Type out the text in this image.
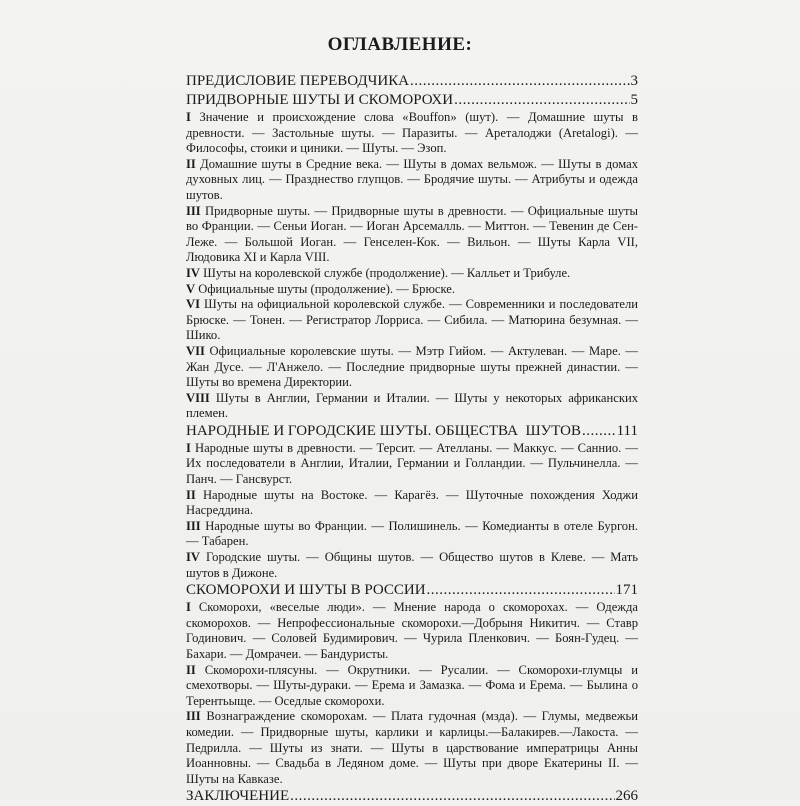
ОГЛАВЛЕНИЕ:
ПРЕДИСЛОВИЕ ПЕРЕВОДЧИКА .....	3
ПРИДВОРНЫЕ ШУТЫ И СКОМОРОХИ .....	5
I Значение и происхождение слова «Bouffon» (шут). — Домашние шуты в древности. — Застольные шуты. — Паразиты. — Ареталоджи (Aretalogi). — Философы, стоики и циники. — Шуты. — Эзоп.
II Домашние шуты в Средние века. — Шуты в домах вельмож. — Шуты в домах духовных лиц. — Празднество глупцов. — Бродячие шуты. — Атрибуты и одежда шутов.
III Придворные шуты. — Придворные шуты в древности. — Официальные шуты во Франции. — Сеньи Иоган. — Иоган Арсемалль. — Миттон. — Тевенин де Сен-Леже. — Большой Иоган. — Генселен-Кок. — Вильон. — Шуты Карла VII, Людовика XI и Карла VIII.
IV Шуты на королевской службе (продолжение). — Калльет и Трибуле.
V Официальные шуты (продолжение). — Брюске.
VI Шуты на официальной королевской службе. — Современники и последователи Брюске. — Тонен. — Регистратор Лорриса. — Сибила. — Матюрина безумная. — Шико.
VII Официальные королевские шуты. — Мэтр Гийом. — Актулеван. — Маре. — Жан Дусе. — Л'Анжело. — Последние придворные шуты прежней династии. — Шуты во времена Директории.
VIII Шуты в Англии, Германии и Италии. — Шуты у некоторых африканских племен.
НАРОДНЫЕ И ГОРОДСКИЕ ШУТЫ. ОБЩЕСТВА  ШУТОВ ..... 111
I Народные шуты в древности. — Терсит. — Ателланы. — Маккус. — Саннио. — Их последователи в Англии, Италии, Германии и Голландии. — Пульчинелла. — Панч. — Гансвурст.
II Народные шуты на Востоке. — Карагёз. — Шуточные похождения Ходжи Насреддина.
III Народные шуты во Франции. — Полишинель. — Комедианты в отеле Бургон. — Табарен.
IV Городские шуты. — Общины шутов. — Общество шутов в Клеве. — Мать шутов в Дижоне.
СКОМОРОХИ И ШУТЫ В РОССИИ .....	171
I Скоморохи, «веселые люди». — Мнение народа о скоморохах. — Одежда скоморохов. — Непрофессиональные скоморохи.—Добрыня Никитич. — Ставр Годинович. — Соловей Будимирович. — Чурила Пленкович. — Боян-Гудец. — Бахари. — Домрачеи. — Бандуристы.
II Скоморохи-плясуны. — Окрутники. — Русалии. — Скоморохи-глумцы и смехотворы. — Шуты-дураки. — Ерема и Замазка. — Фома и Ерема. — Былина о Терентьыще. — Оседлые скоморохи.
III Вознаграждение скоморохам. — Плата гудочная (мзда). — Глумы, медвежьи комедии. — Придворные шуты, карлики и карлицы.—Балакирев.—Лакоста. — Педрилла. — Шуты из знати. — Шуты в царствование императрицы Анны Иоанновны. — Свадьба в Ледяном доме. — Шуты при дворе Екатерины II. — Шуты на Кавказе.
ЗАКЛЮЧЕНИЕ .....	266
